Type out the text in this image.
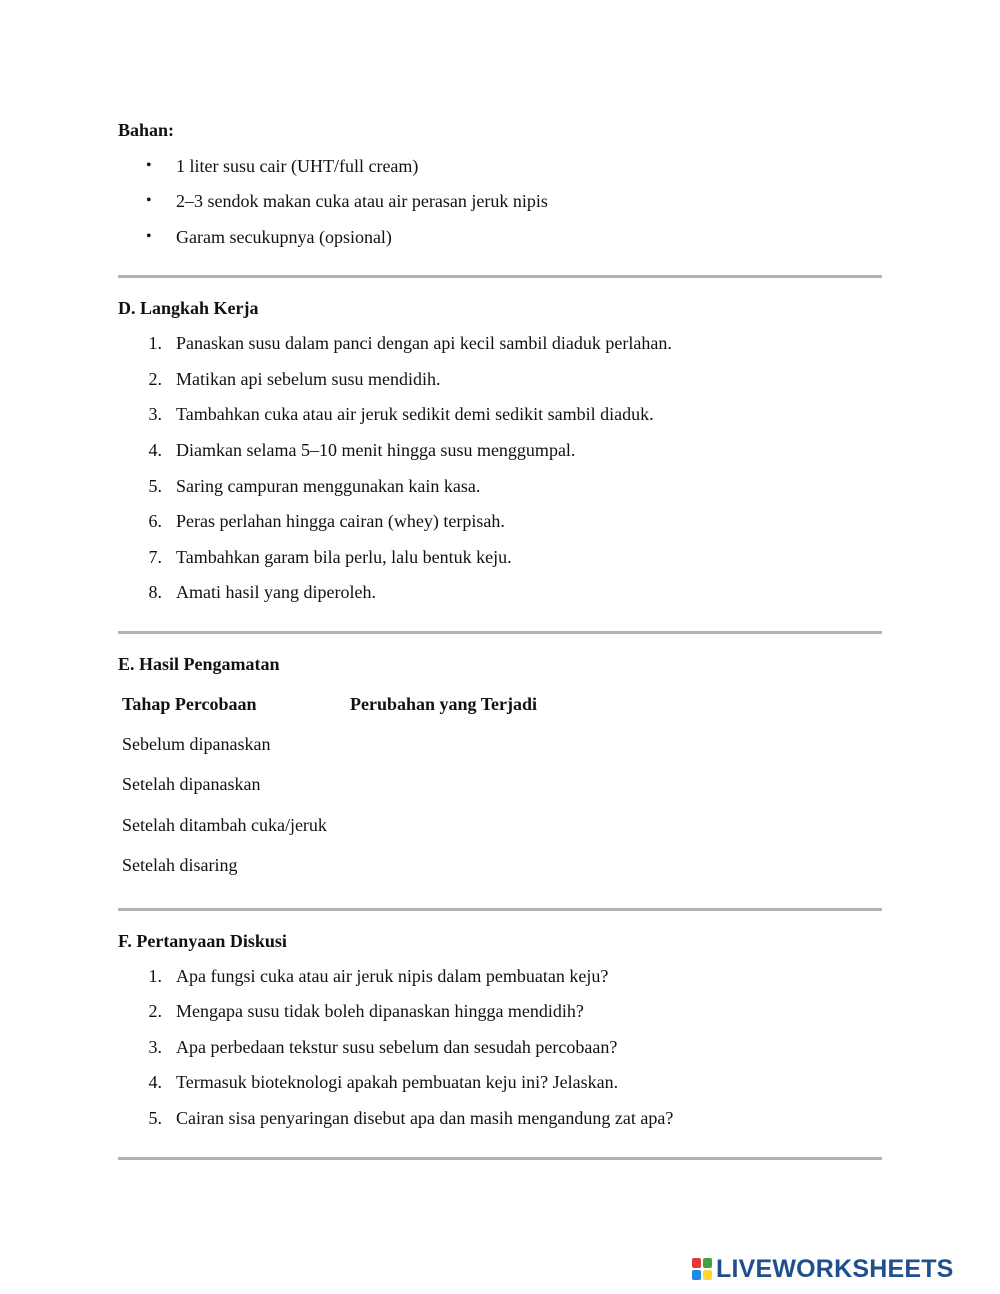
Bahan:
• 1 liter susu cair (UHT/full cream)
• 2–3 sendok makan cuka atau air perasan jeruk nipis
• Garam secukupnya (opsional)
D. Langkah Kerja
1. Panaskan susu dalam panci dengan api kecil sambil diaduk perlahan.
2. Matikan api sebelum susu mendidih.
3. Tambahkan cuka atau air jeruk sedikit demi sedikit sambil diaduk.
4. Diamkan selama 5–10 menit hingga susu menggumpal.
5. Saring campuran menggunakan kain kasa.
6. Peras perlahan hingga cairan (whey) terpisah.
7. Tambahkan garam bila perlu, lalu bentuk keju.
8. Amati hasil yang diperoleh.
E. Hasil Pengamatan
Tahap Percobaan	Perubahan yang Terjadi
Sebelum dipanaskan
Setelah dipanaskan
Setelah ditambah cuka/jeruk
Setelah disaring
F. Pertanyaan Diskusi
1. Apa fungsi cuka atau air jeruk nipis dalam pembuatan keju?
2. Mengapa susu tidak boleh dipanaskan hingga mendidih?
3. Apa perbedaan tekstur susu sebelum dan sesudah percobaan?
4. Termasuk bioteknologi apakah pembuatan keju ini? Jelaskan.
5. Cairan sisa penyaringan disebut apa dan masih mengandung zat apa?
LIVEWORKSHEETS
